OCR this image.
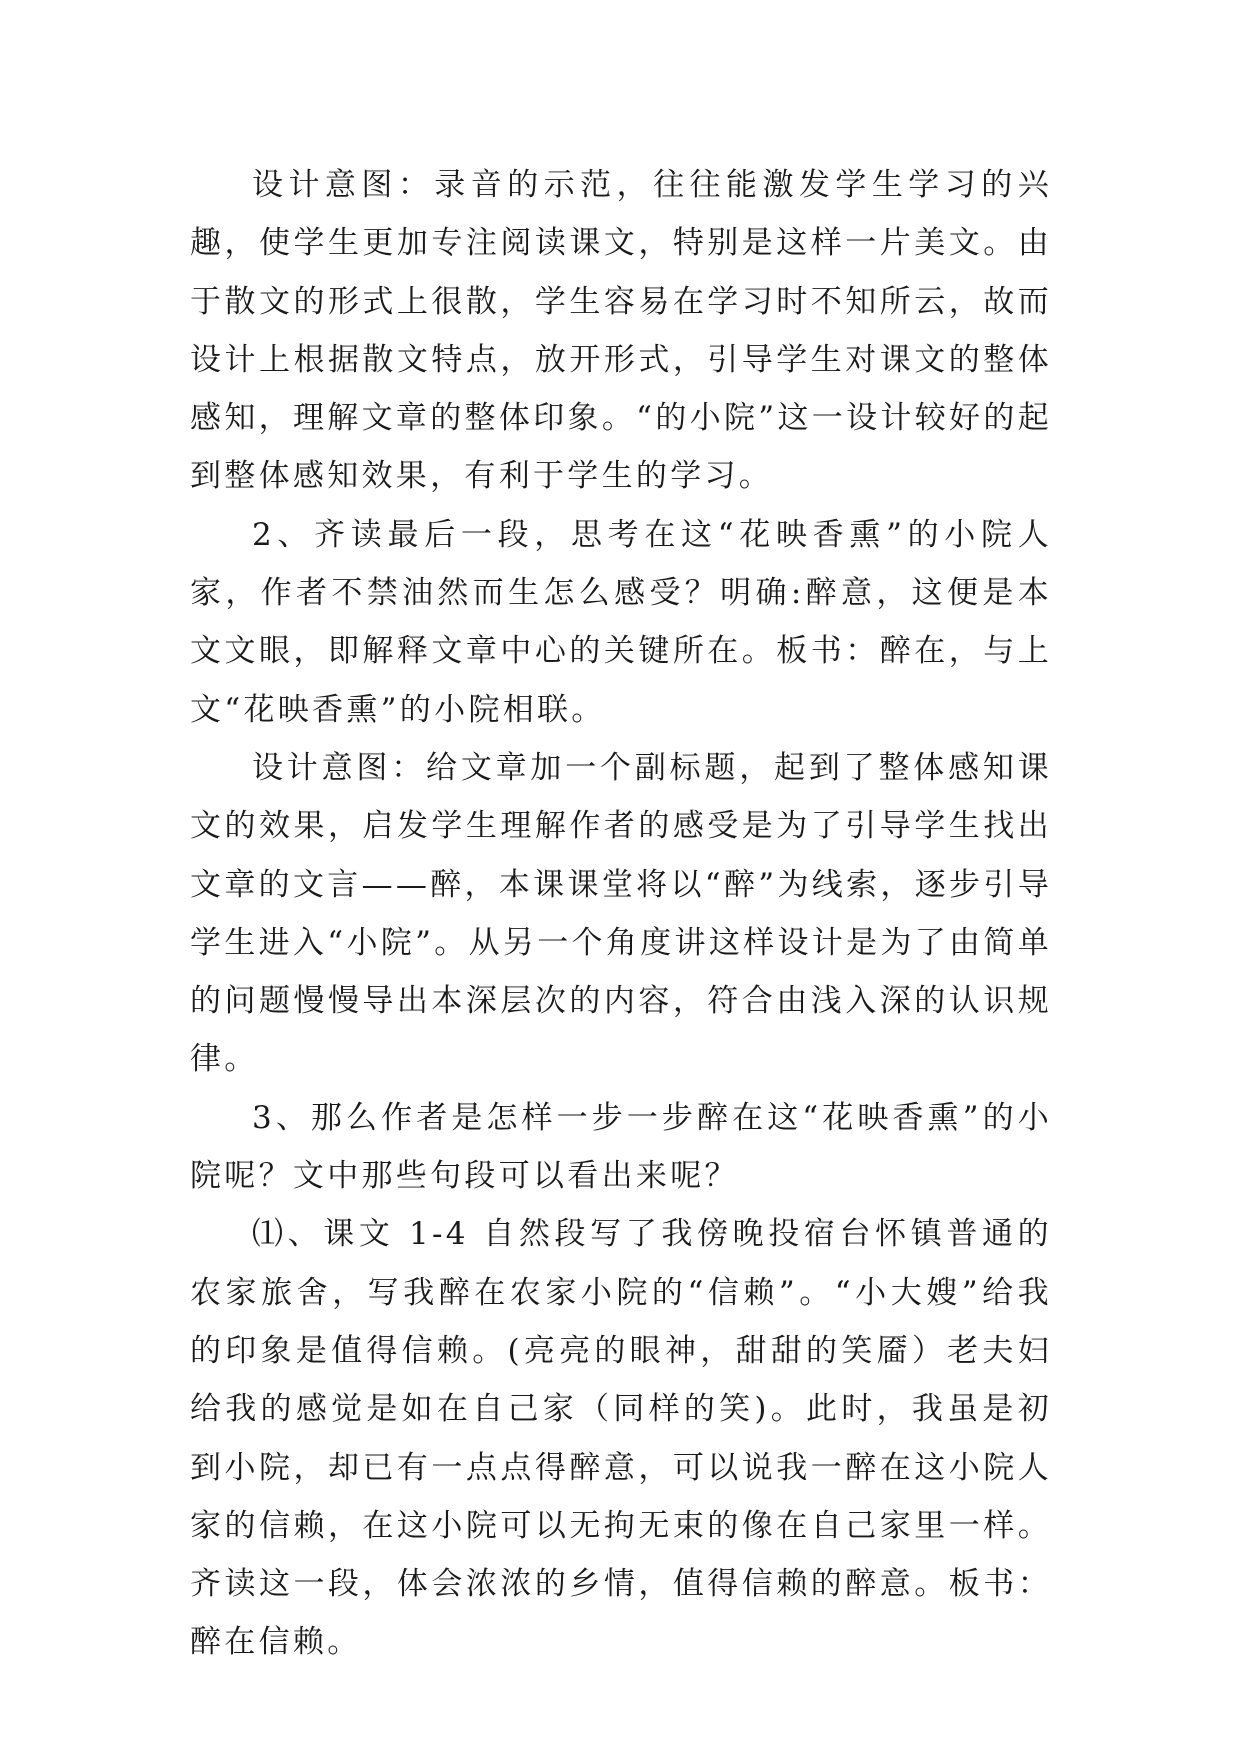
设计意图：录音的示范，往往能激发学生学习的兴趣，使学生更加专注阅读课文，特别是这样一片美文。由于散文的形式上很散，学生容易在学习时不知所云，故而设计上根据散文特点，放开形式，引导学生对课文的整体感知，理解文章的整体印象。“的小院”这一设计较好的起到整体感知效果，有利于学生的学习。

2、齐读最后一段，思考在这“花映香熏”的小院人家，作者不禁油然而生怎么感受？明确:醉意，这便是本文文眼，即解释文章中心的关键所在。板书：醉在，与上文“花映香熏”的小院相联。

设计意图：给文章加一个副标题，起到了整体感知课文的效果，启发学生理解作者的感受是为了引导学生找出文章的文言——醉，本课课堂将以“醉”为线索，逐步引导学生进入“小院”。从另一个角度讲这样设计是为了由简单的问题慢慢导出本深层次的内容，符合由浅入深的认识规律。

3、那么作者是怎样一步一步醉在这“花映香熏”的小院呢？文中那些句段可以看出来呢？

⑴、课文 1-4 自然段写了我傍晚投宿台怀镇普通的农家旅舍，写我醉在农家小院的“信赖”。“小大嫂”给我的印象是值得信赖。(亮亮的眼神，甜甜的笑靥）老夫妇给我的感觉是如在自己家（同样的笑)。此时，我虽是初到小院，却已有一点点得醉意，可以说我一醉在这小院人家的信赖，在这小院可以无拘无束的像在自己家里一样。齐读这一段，体会浓浓的乡情，值得信赖的醉意。板书：醉在信赖。
